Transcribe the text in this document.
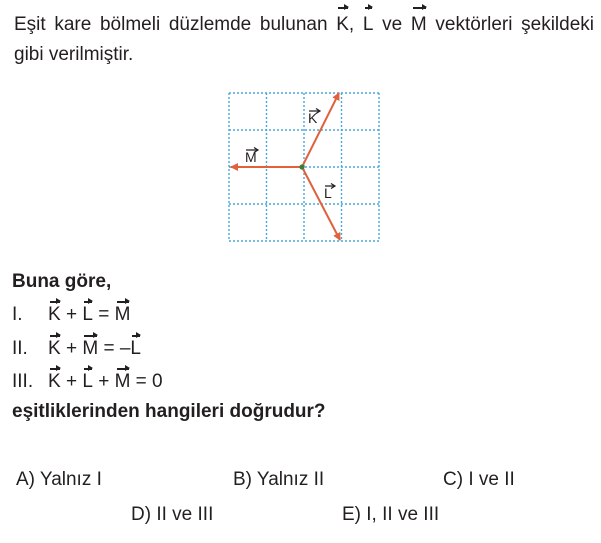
Eşit kare bölmeli düzlemde bulunan K, L ve M vektörleri şekildeki gibi verilmiştir.
K
M
L
Buna göre,
I. K + L = M
II. K + M = –L
III. K + L + M = 0
eşitliklerinden hangileri doğrudur?
A) Yalnız I	B) Yalnız II	C) I ve II
D) II ve III	E) I, II ve III
